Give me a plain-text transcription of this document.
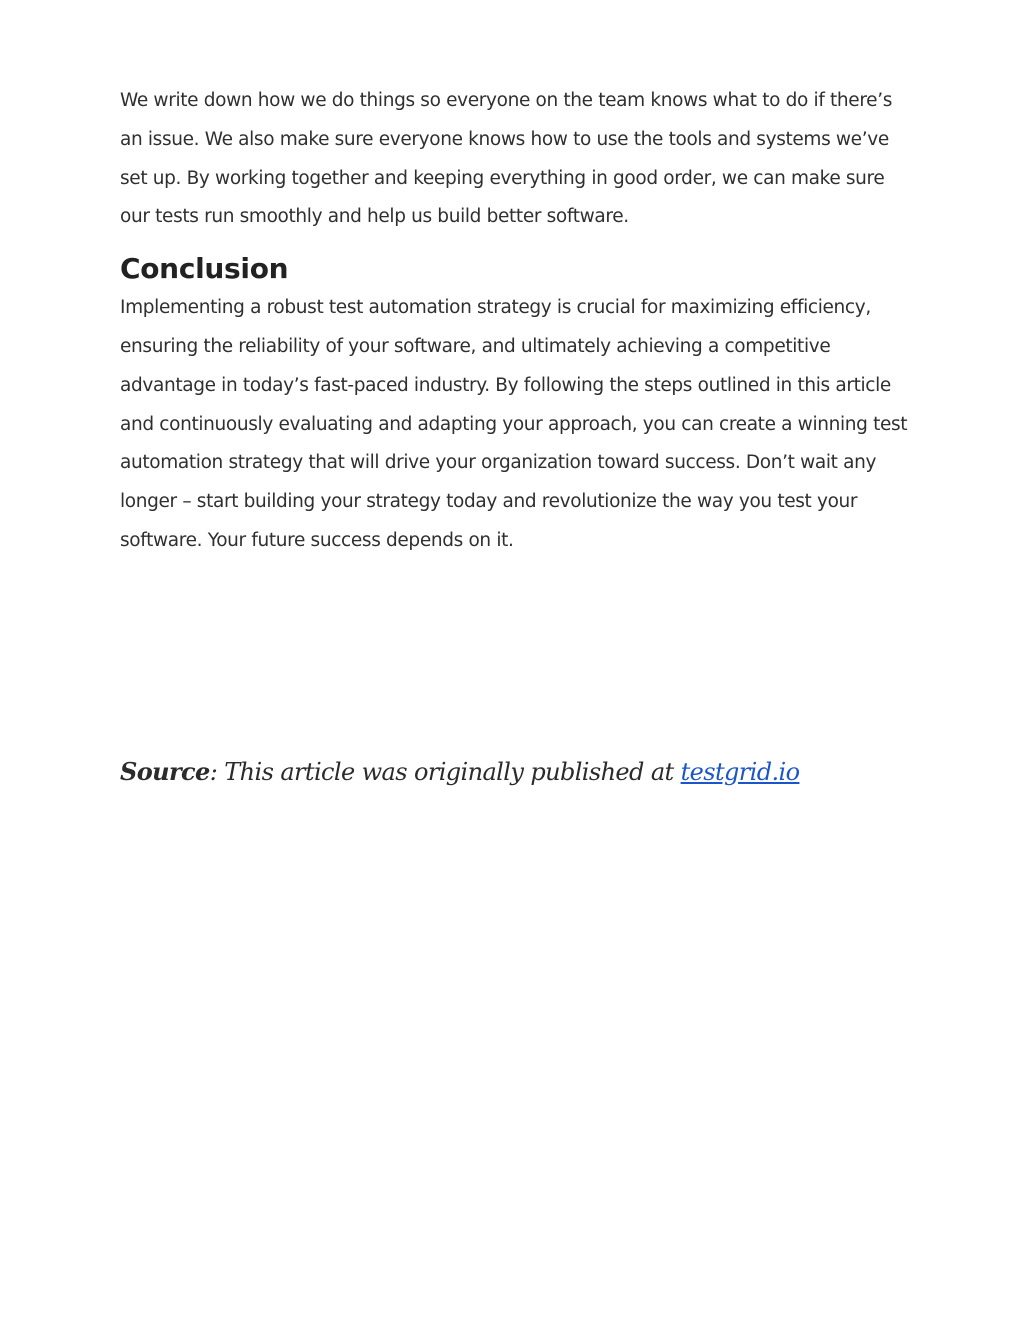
We write down how we do things so everyone on the team knows what to do if there’s an issue. We also make sure everyone knows how to use the tools and systems we’ve set up. By working together and keeping everything in good order, we can make sure our tests run smoothly and help us build better software.

Conclusion

Implementing a robust test automation strategy is crucial for maximizing efficiency, ensuring the reliability of your software, and ultimately achieving a competitive advantage in today’s fast-paced industry. By following the steps outlined in this article and continuously evaluating and adapting your approach, you can create a winning test automation strategy that will drive your organization toward success. Don’t wait any longer – start building your strategy today and revolutionize the way you test your software. Your future success depends on it.

Source: This article was originally published at testgrid.io
